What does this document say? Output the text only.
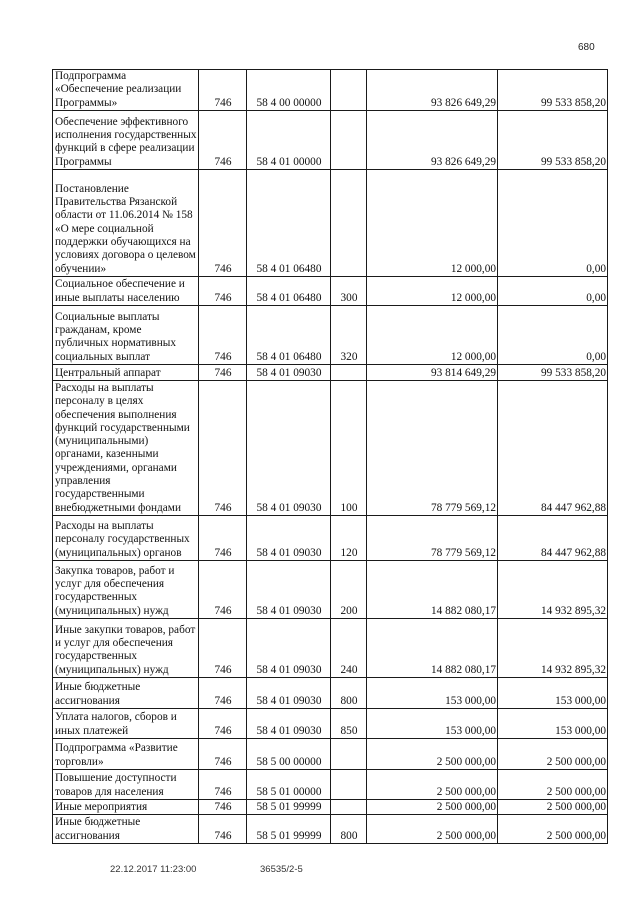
680
Подпрограмма «Обеспечение реализации Программы»	746	58 4 00 00000		93 826 649,29	99 533 858,20
Обеспечение эффективного исполнения государственных функций в сфере реализации Программы	746	58 4 01 00000		93 826 649,29	99 533 858,20
Постановление Правительства Рязанской области от 11.06.2014 № 158 «О мере социальной поддержки обучающихся на условиях договора о целевом обучении»	746	58 4 01 06480		12 000,00	0,00
Социальное обеспечение и иные выплаты населению	746	58 4 01 06480	300	12 000,00	0,00
Социальные выплаты гражданам, кроме публичных нормативных социальных выплат	746	58 4 01 06480	320	12 000,00	0,00
Центральный аппарат	746	58 4 01 09030		93 814 649,29	99 533 858,20
Расходы на выплаты персоналу в целях обеспечения выполнения функций государственными (муниципальными) органами, казенными учреждениями, органами управления государственными внебюджетными фондами	746	58 4 01 09030	100	78 779 569,12	84 447 962,88
Расходы на выплаты персоналу государственных (муниципальных) органов	746	58 4 01 09030	120	78 779 569,12	84 447 962,88
Закупка товаров, работ и услуг для обеспечения государственных (муниципальных) нужд	746	58 4 01 09030	200	14 882 080,17	14 932 895,32
Иные закупки товаров, работ и услуг для обеспечения государственных (муниципальных) нужд	746	58 4 01 09030	240	14 882 080,17	14 932 895,32
Иные бюджетные ассигнования	746	58 4 01 09030	800	153 000,00	153 000,00
Уплата налогов, сборов и иных платежей	746	58 4 01 09030	850	153 000,00	153 000,00
Подпрограмма «Развитие торговли»	746	58 5 00 00000		2 500 000,00	2 500 000,00
Повышение доступности товаров для населения	746	58 5 01 00000		2 500 000,00	2 500 000,00
Иные мероприятия	746	58 5 01 99999		2 500 000,00	2 500 000,00
Иные бюджетные ассигнования	746	58 5 01 99999	800	2 500 000,00	2 500 000,00
22.12.2017 11:23:00	36535/2-5
